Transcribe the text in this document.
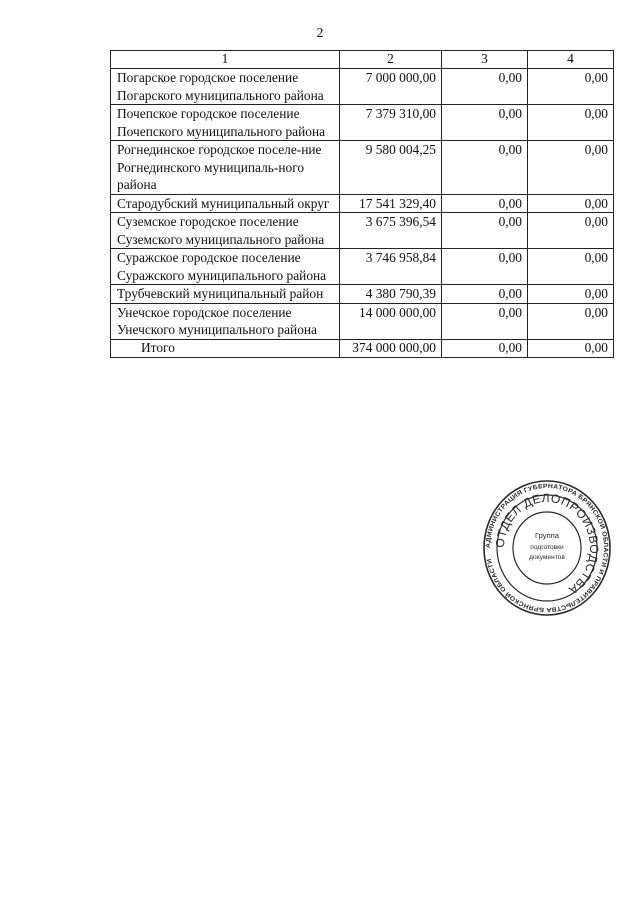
2
1	2	3	4
Погарское городское поселение Погарского муниципального района	7 000 000,00	0,00	0,00
Почепское городское поселение Почепского муниципального района	7 379 310,00	0,00	0,00
Рогнединское городское поселе-ние Рогнединского муниципаль-ного района	9 580 004,25	0,00	0,00
Стародубский муниципальный округ	17 541 329,40	0,00	0,00
Суземское городское поселение Суземского муниципального района	3 675 396,54	0,00	0,00
Суражское городское поселение Суражского муниципального района	3 746 958,84	0,00	0,00
Трубчевский муниципальный район	4 380 790,39	0,00	0,00
Унечское городское поселение Унечского муниципального района	14 000 000,00	0,00	0,00
Итого	374 000 000,00	0,00	0,00
АДМИНИСТРАЦИЯ ГУБЕРНАТОРА БРЯНСКОЙ ОБЛАСТИ И ПРАВИТЕЛЬСТВА БРЯНСКОЙ ОБЛАСТИ
ОТДЕЛ ДЕЛОПРОИЗВОДСТВА
Группа
подготовки
документов
